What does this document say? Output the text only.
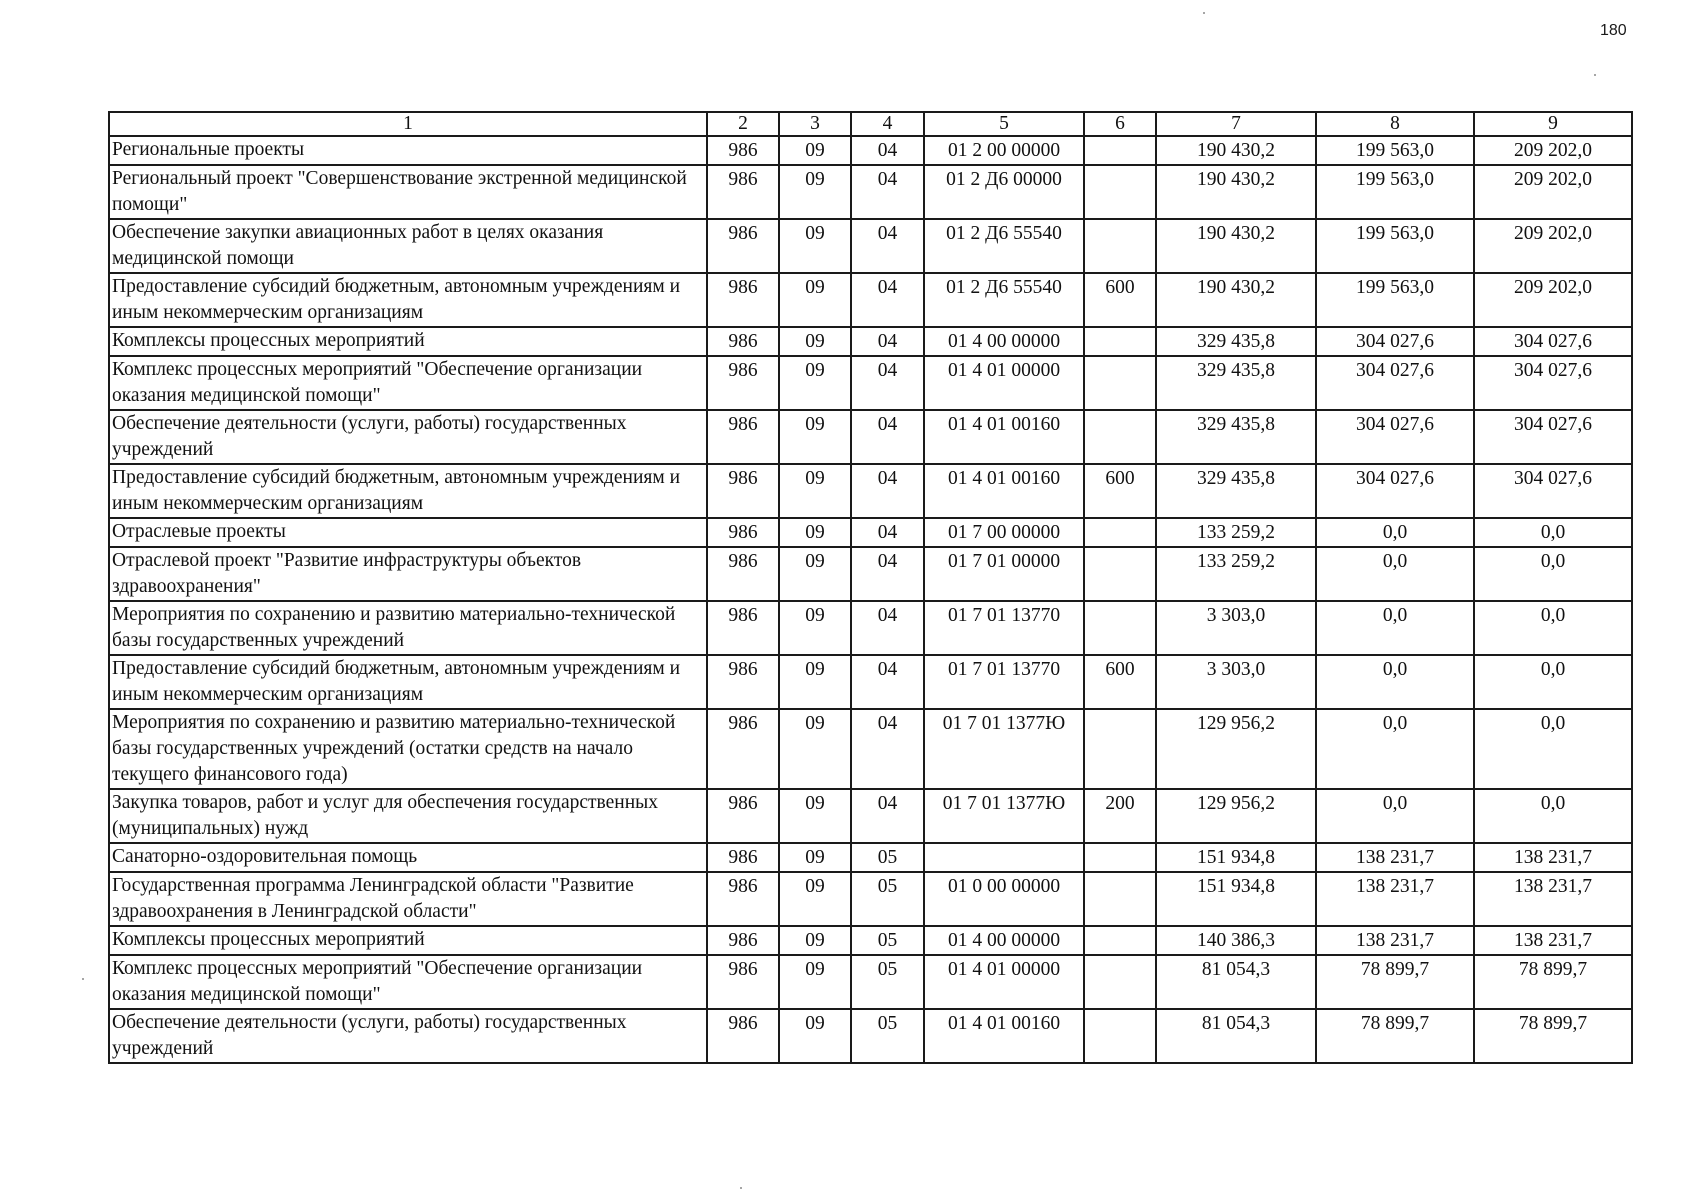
180
1	2	3	4	5	6	7	8	9
Региональные проекты	986	09	04	01 2 00 00000		190 430,2	199 563,0	209 202,0
Региональный проект "Совершенствование экстренной медицинской помощи"	986	09	04	01 2 Д6 00000		190 430,2	199 563,0	209 202,0
Обеспечение закупки авиационных работ в целях оказания медицинской помощи	986	09	04	01 2 Д6 55540		190 430,2	199 563,0	209 202,0
Предоставление субсидий бюджетным, автономным учреждениям и иным некоммерческим организациям	986	09	04	01 2 Д6 55540	600	190 430,2	199 563,0	209 202,0
Комплексы процессных мероприятий	986	09	04	01 4 00 00000		329 435,8	304 027,6	304 027,6
Комплекс процессных мероприятий "Обеспечение организации оказания медицинской помощи"	986	09	04	01 4 01 00000		329 435,8	304 027,6	304 027,6
Обеспечение деятельности (услуги, работы) государственных учреждений	986	09	04	01 4 01 00160		329 435,8	304 027,6	304 027,6
Предоставление субсидий бюджетным, автономным учреждениям и иным некоммерческим организациям	986	09	04	01 4 01 00160	600	329 435,8	304 027,6	304 027,6
Отраслевые проекты	986	09	04	01 7 00 00000		133 259,2	0,0	0,0
Отраслевой проект "Развитие инфраструктуры объектов здравоохранения"	986	09	04	01 7 01 00000		133 259,2	0,0	0,0
Мероприятия по сохранению и развитию материально-технической базы государственных учреждений	986	09	04	01 7 01 13770		3 303,0	0,0	0,0
Предоставление субсидий бюджетным, автономным учреждениям и иным некоммерческим организациям	986	09	04	01 7 01 13770	600	3 303,0	0,0	0,0
Мероприятия по сохранению и развитию материально-технической базы государственных учреждений (остатки средств на начало текущего финансового года)	986	09	04	01 7 01 1377Ю		129 956,2	0,0	0,0
Закупка товаров, работ и услуг для обеспечения государственных (муниципальных) нужд	986	09	04	01 7 01 1377Ю	200	129 956,2	0,0	0,0
Санаторно-оздоровительная помощь	986	09	05			151 934,8	138 231,7	138 231,7
Государственная программа Ленинградской области "Развитие здравоохранения в Ленинградской области"	986	09	05	01 0 00 00000		151 934,8	138 231,7	138 231,7
Комплексы процессных мероприятий	986	09	05	01 4 00 00000		140 386,3	138 231,7	138 231,7
Комплекс процессных мероприятий "Обеспечение организации оказания медицинской помощи"	986	09	05	01 4 01 00000		81 054,3	78 899,7	78 899,7
Обеспечение деятельности (услуги, работы) государственных учреждений	986	09	05	01 4 01 00160		81 054,3	78 899,7	78 899,7
